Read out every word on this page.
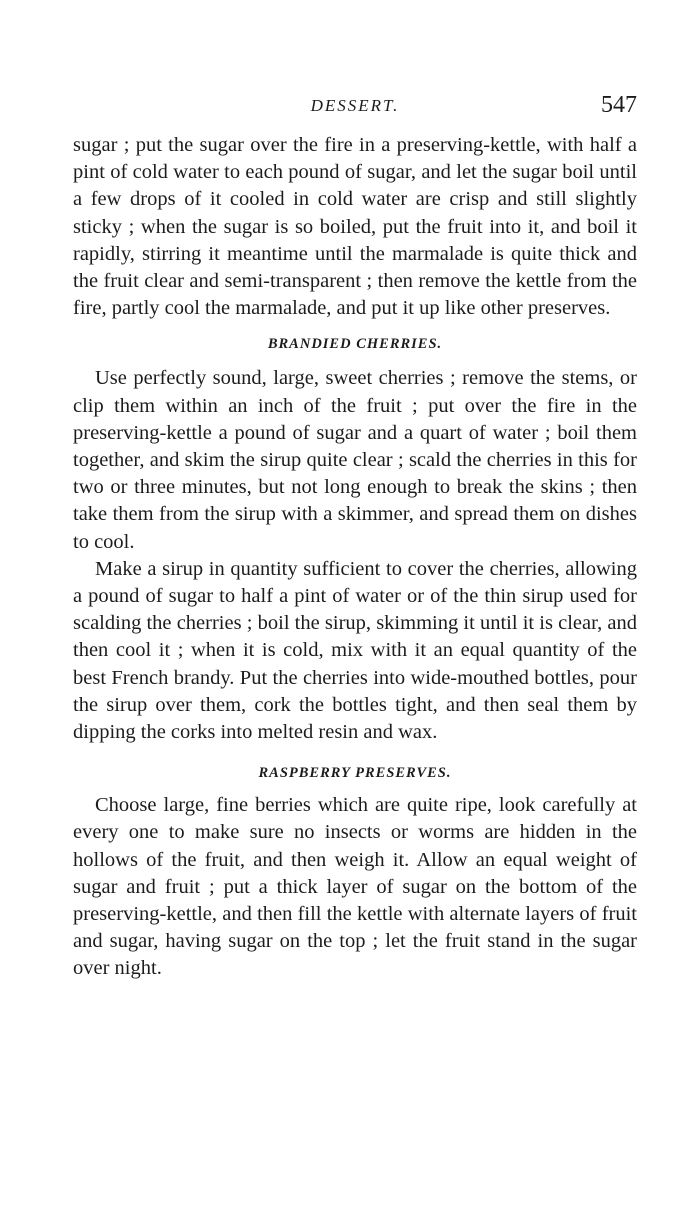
DESSERT.	547

sugar ; put the sugar over the fire in a preserving-kettle, with half a pint of cold water to each pound of sugar, and let the sugar boil until a few drops of it cooled in cold water are crisp and still slightly sticky ; when the sugar is so boiled, put the fruit into it, and boil it rapidly, stirring it meantime until the marmalade is quite thick and the fruit clear and semi-transparent ; then remove the kettle from the fire, partly cool the marmalade, and put it up like other preserves.

BRANDIED CHERRIES.

Use perfectly sound, large, sweet cherries ; remove the stems, or clip them within an inch of the fruit ; put over the fire in the preserving-kettle a pound of sugar and a quart of water ; boil them together, and skim the sirup quite clear ; scald the cherries in this for two or three minutes, but not long enough to break the skins ; then take them from the sirup with a skimmer, and spread them on dishes to cool.

Make a sirup in quantity sufficient to cover the cherries, allowing a pound of sugar to half a pint of water or of the thin sirup used for scalding the cherries ; boil the sirup, skimming it until it is clear, and then cool it ; when it is cold, mix with it an equal quantity of the best French brandy. Put the cherries into wide-mouthed bottles, pour the sirup over them, cork the bottles tight, and then seal them by dipping the corks into melted resin and wax.

RASPBERRY PRESERVES.

Choose large, fine berries which are quite ripe, look carefully at every one to make sure no insects or worms are hidden in the hollows of the fruit, and then weigh it. Allow an equal weight of sugar and fruit ; put a thick layer of sugar on the bottom of the preserving-kettle, and then fill the kettle with alternate layers of fruit and sugar, having sugar on the top ; let the fruit stand in the sugar over night.
